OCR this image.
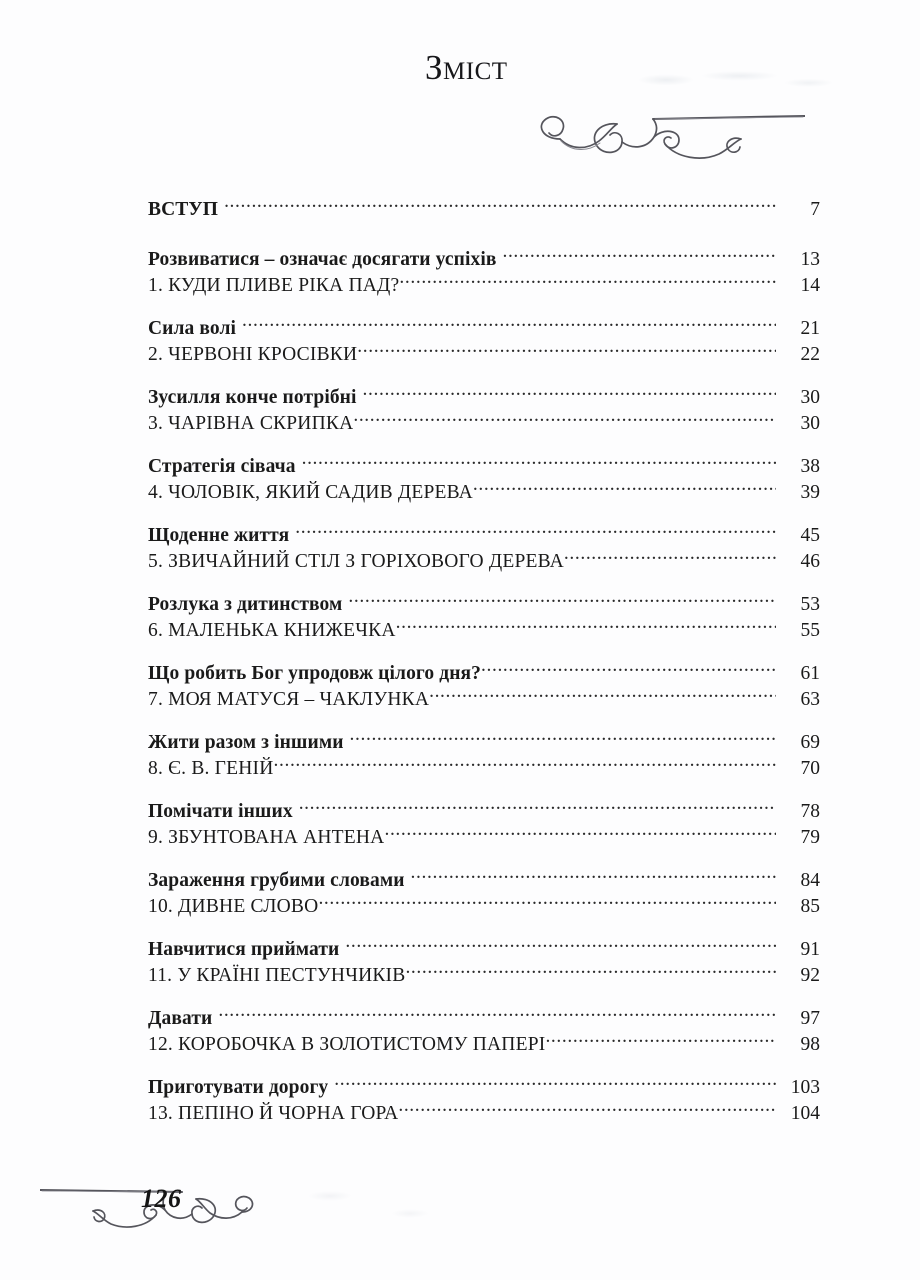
Зміст
ВСТУП .....	7
Розвиватися – означає досягати успіхів .....	13
1. КУДИ ПЛИВЕ РІКА ПАД? .....	14
Сила волі .....	21
2. ЧЕРВОНІ КРОСІВКИ .....	22
Зусилля конче потрібні .....	30
3. ЧАРІВНА СКРИПКА .....	30
Стратегія сівача .....	38
4. ЧОЛОВІК, ЯКИЙ САДИВ ДЕРЕВА .....	39
Щоденне життя .....	45
5. ЗВИЧАЙНИЙ СТІЛ З ГОРІХОВОГО ДЕРЕВА .....	46
Розлука з дитинством .....	53
6. МАЛЕНЬКА КНИЖЕЧКА .....	55
Що робить Бог упродовж цілого дня? .....	61
7. МОЯ МАТУСЯ – ЧАКЛУНКА .....	63
Жити разом з іншими .....	69
8. Є. В. ГЕНІЙ .....	70
Помічати інших .....	78
9. ЗБУНТОВАНА АНТЕНА .....	79
Зараження грубими словами .....	84
10. ДИВНЕ СЛОВО .....	85
Навчитися приймати .....	91
11. У КРАЇНІ ПЕСТУНЧИКІВ .....	92
Давати .....	97
12. КОРОБОЧКА В ЗОЛОТИСТОМУ ПАПЕРІ .....	98
Приготувати дорогу .....	103
13. ПЕПІНО Й ЧОРНА ГОРА .....	104
126
